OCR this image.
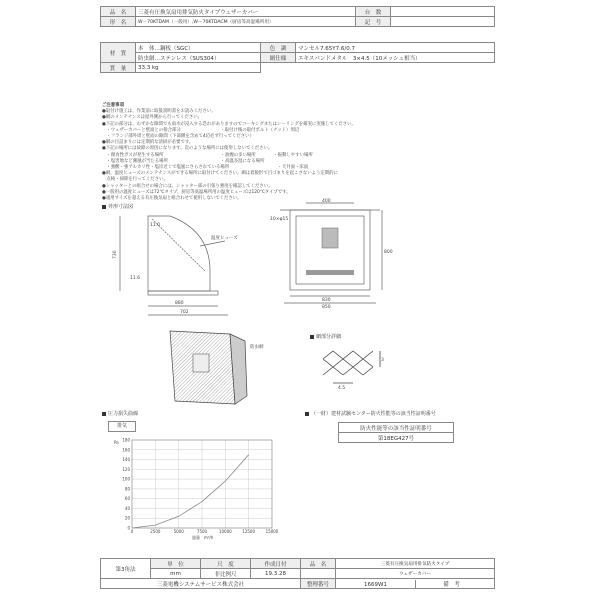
品　名	三菱有圧換気扇用排気防火タイプウェザーカバー	台　数	
形　名	W－70KTDAM（一般用）,W－70KTDACM（厨房等高湿場所用）	記　号	
材　質	本　体…鋼板（SGC）	色　調	マンセル7.65Y7.6/0.7
	防虫網…ステンレス（SUS304）	網仕様	エキスパンドメタル　3×4.5（10メッシュ相当）
質　量	33.3 kg		
ご注意事項
●取付け施工は、作業前に取扱説明書をお読みください。
●網のメンテナンスは屋外側から行ってください。
●下記の部分は、わずかな隙間でも雨水が浸入する恐れがありますのでコーキングまたはシーリングを確実に実施してください。
　・ウェザーカバーと壁面との接合部分　　　　　　　　　・取付け後の取付ボルト（ナット）周辺
　・フランジ部外周と壁面の隙間（下部側を含めて4辺必ず行ってください）
●網の目詰まりには定期的な清掃が必要です。
●下記の場所には故障の原因になります。次のような場所には使用しないでください。
　・腐食性ガスが発生する場所　　　　　　　　　　　　　・油煙の多い場所　　　　・振動しやすい場所
　・塩害地など潮風が当たる場所　　　　　　　　　　　　・高温多湿になる場所
　・強酸・強アルカリ性・塩岸近くで塩風にさらされている場所　　　　　　　　　　　・天井面・床面
●網、温度ヒューズのメンテナンスができる場所に取付けてください。網は着脱形で目づまりを起こさないよう定期的に
　点検・掃除を行ってください。
●シャッターとの組合せの場合には、シャッター部の引張り強度を確認してください。
●一般用の温度ヒューズは72℃タイプ、厨房等高温場所用の温度ヒューズは120℃タイプです。
●適用サイズを超える有圧換気扇と組合わせて使用しないでください。
外形寸法図
温度ヒューズ
730
11.0
11.6
880
702
400
10×φ15
800
830
850
防虫網
網部分詳細
3
4.5
圧力損失曲線
排気
0
20
40
60
80
100
120
140
160
180
0	2500	5000	7500	10000	12500	15000
Pa
風量　m³/h
（一財）建材試験センター防火性能等の該当性証明番号
防火性能等の該当性証明番号
第18EG427号
第3角法	単　位	尺　度	作成日付	品　名	三菱有圧換気扇用排気防火タイプ
	mm	非比例尺	19.3.28		ウェザーカバー
三菱電機システムサービス株式会社				整理番号	1669W1 備　考
